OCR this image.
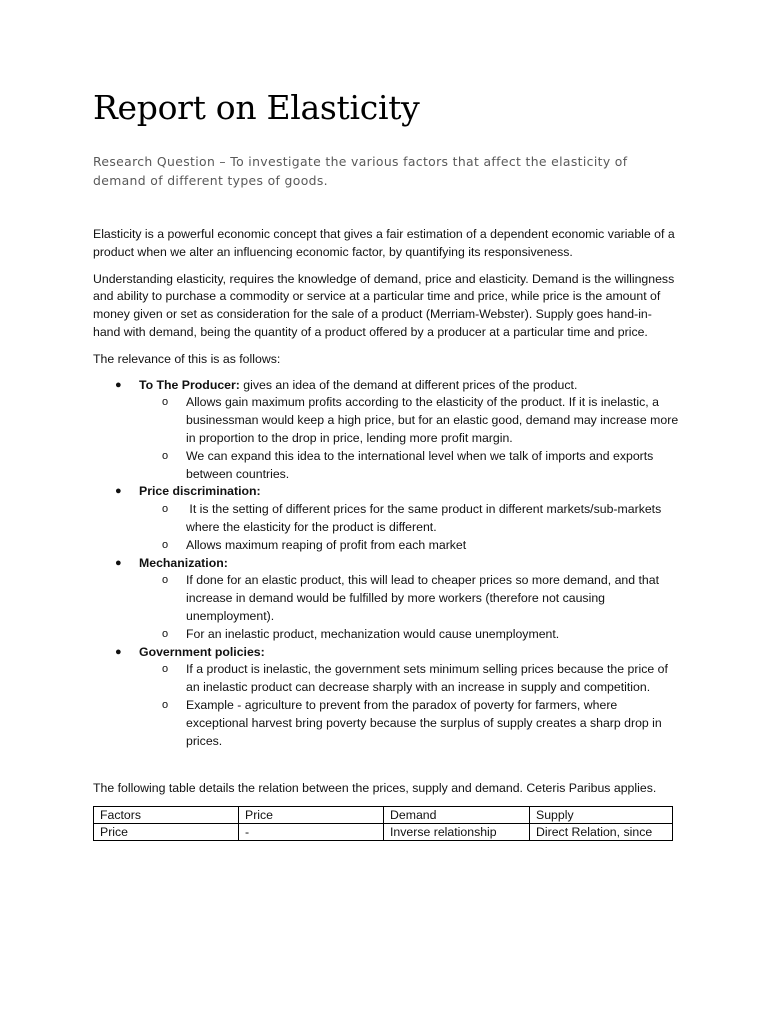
Report on Elasticity

Research Question – To investigate the various factors that affect the elasticity of demand of different types of goods.

Elasticity is a powerful economic concept that gives a fair estimation of a dependent economic variable of a product when we alter an influencing economic factor, by quantifying its responsiveness.

Understanding elasticity, requires the knowledge of demand, price and elasticity. Demand is the willingness and ability to purchase a commodity or service at a particular time and price, while price is the amount of money given or set as consideration for the sale of a product (Merriam-Webster). Supply goes hand-in-hand with demand, being the quantity of a product offered by a producer at a particular time and price.

The relevance of this is as follows:

● To The Producer: gives an idea of the demand at different prices of the product.
o Allows gain maximum profits according to the elasticity of the product. If it is inelastic, a businessman would keep a high price, but for an elastic good, demand may increase more in proportion to the drop in price, lending more profit margin.
o We can expand this idea to the international level when we talk of imports and exports between countries.
● Price discrimination:
o It is the setting of different prices for the same product in different markets/sub-markets where the elasticity for the product is different.
o Allows maximum reaping of profit from each market
● Mechanization:
o If done for an elastic product, this will lead to cheaper prices so more demand, and that increase in demand would be fulfilled by more workers (therefore not causing unemployment).
o For an inelastic product, mechanization would cause unemployment.
● Government policies:
o If a product is inelastic, the government sets minimum selling prices because the price of an inelastic product can decrease sharply with an increase in supply and competition.
o Example - agriculture to prevent from the paradox of poverty for farmers, where exceptional harvest bring poverty because the surplus of supply creates a sharp drop in prices.

The following table details the relation between the prices, supply and demand. Ceteris Paribus applies.

Factors	Price	Demand	Supply
Price	-	Inverse relationship	Direct Relation, since
